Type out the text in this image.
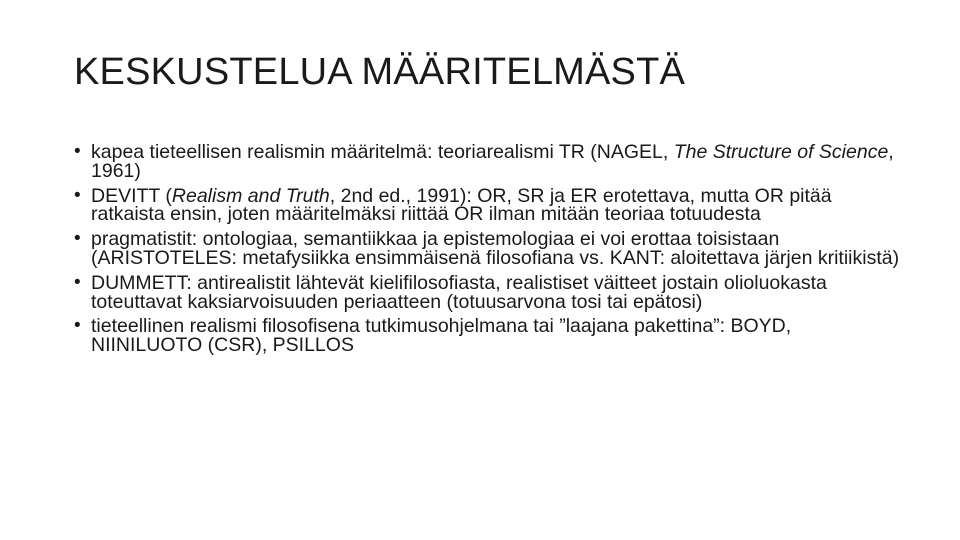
KESKUSTELUA MÄÄRITELMÄSTÄ
• kapea tieteellisen realismin määritelmä: teoriarealismi TR (NAGEL, The Structure of Science, 1961)
• DEVITT (Realism and Truth, 2nd ed., 1991): OR, SR ja ER erotettava, mutta OR pitää ratkaista ensin, joten määritelmäksi riittää OR ilman mitään teoriaa totuudesta
• pragmatistit: ontologiaa, semantiikkaa ja epistemologiaa ei voi erottaa toisistaan (ARISTOTELES: metafysiikka ensimmäisenä filosofiana vs. KANT: aloitettava järjen kritiikistä)
• DUMMETT: antirealistit lähtevät kielifilosofiasta, realistiset väitteet jostain olioluokasta toteuttavat kaksiarvoisuuden periaatteen (totuusarvona tosi tai epätosi)
• tieteellinen realismi filosofisena tutkimusohjelmana tai ”laajana pakettina”: BOYD, NIINILUOTO (CSR), PSILLOS
